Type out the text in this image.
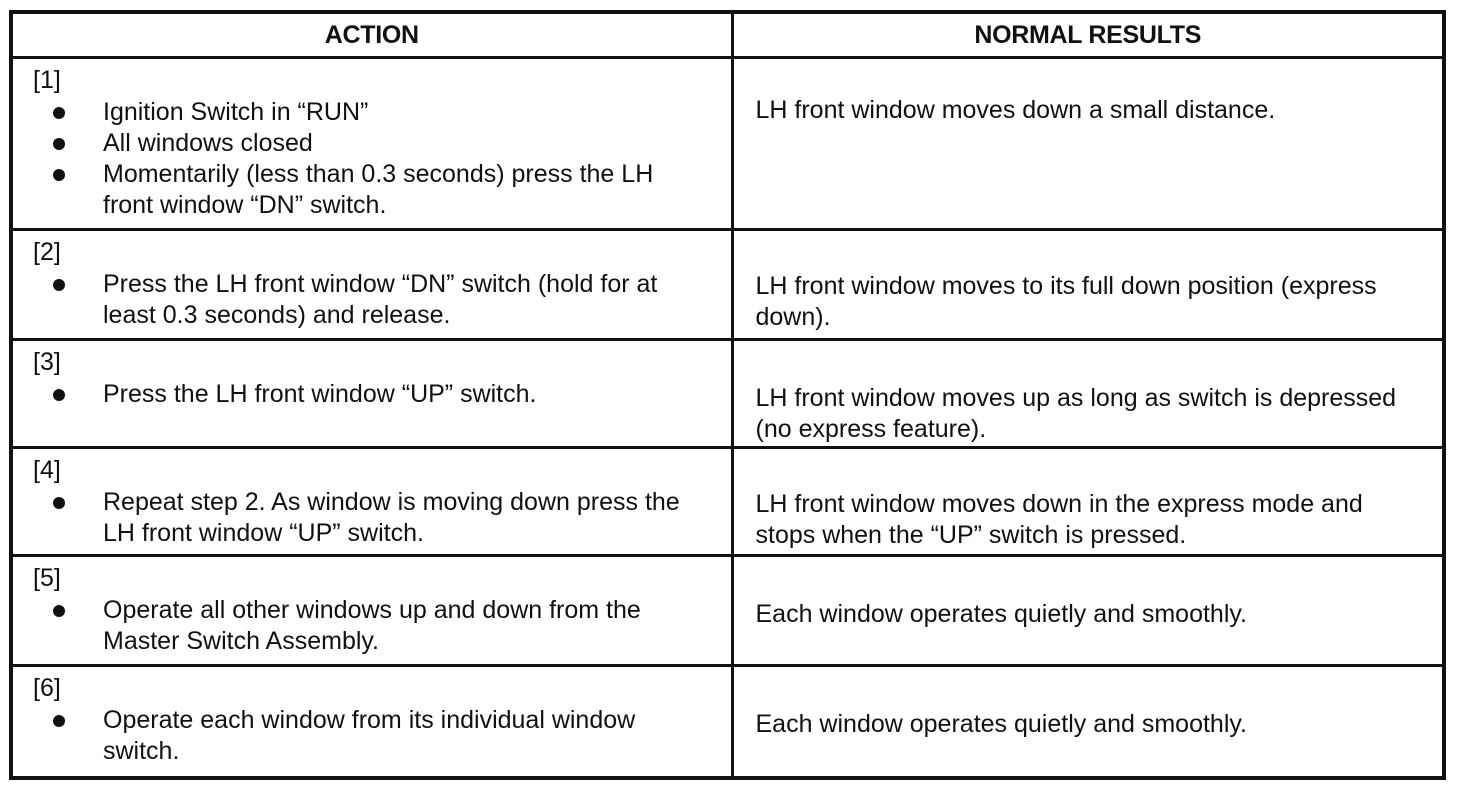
ACTION	NORMAL RESULTS

[1]
Ignition Switch in “RUN”
All windows closed
Momentarily (less than 0.3 seconds) press the LH front window “DN” switch.	LH front window moves down a small distance.

[2]
Press the LH front window “DN” switch (hold for at least 0.3 seconds) and release.	LH front window moves to its full down position (express down).

[3]
Press the LH front window “UP” switch.	LH front window moves up as long as switch is depressed (no express feature).

[4]
Repeat step 2. As window is moving down press the LH front window “UP” switch.	LH front window moves down in the express mode and stops when the “UP” switch is pressed.

[5]
Operate all other windows up and down from the Master Switch Assembly.	Each window operates quietly and smoothly.

[6]
Operate each window from its individual window switch.	Each window operates quietly and smoothly.
